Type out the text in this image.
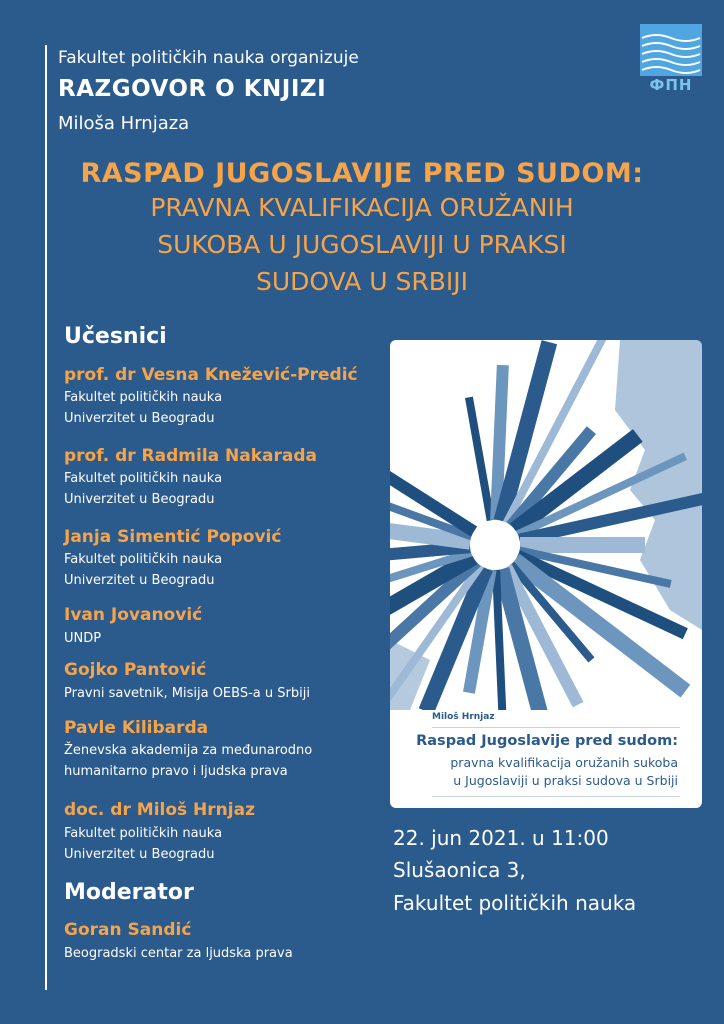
Fakultet političkih nauka organizuje
RAZGOVOR O KNJIZI
Miloša Hrnjaza
ФПН
RASPAD JUGOSLAVIJE PRED SUDOM:
PRAVNA KVALIFIKACIJA ORUŽANIH
SUKOBA U JUGOSLAVIJI U PRAKSI
SUDOVA U SRBIJI
Učesnici
prof. dr Vesna Knežević-Predić
Fakultet političkih nauka
Univerzitet u Beogradu
prof. dr Radmila Nakarada
Fakultet političkih nauka
Univerzitet u Beogradu
Janja Simentić Popović
Fakultet političkih nauka
Univerzitet u Beogradu
Ivan Jovanović
UNDP
Gojko Pantović
Pravni savetnik, Misija OEBS-a u Srbiji
Pavle Kilibarda
Ženevska akademija za međunarodno
humanitarno pravo i ljudska prava
doc. dr Miloš Hrnjaz
Fakultet političkih nauka
Univerzitet u Beogradu
Moderator
Goran Sandić
Beogradski centar za ljudska prava
Miloš Hrnjaz
Raspad Jugoslavije pred sudom:
pravna kvalifikacija oružanih sukoba
u Jugoslaviji u praksi sudova u Srbiji
22. jun 2021. u 11:00
Slušaonica 3,
Fakultet političkih nauka
